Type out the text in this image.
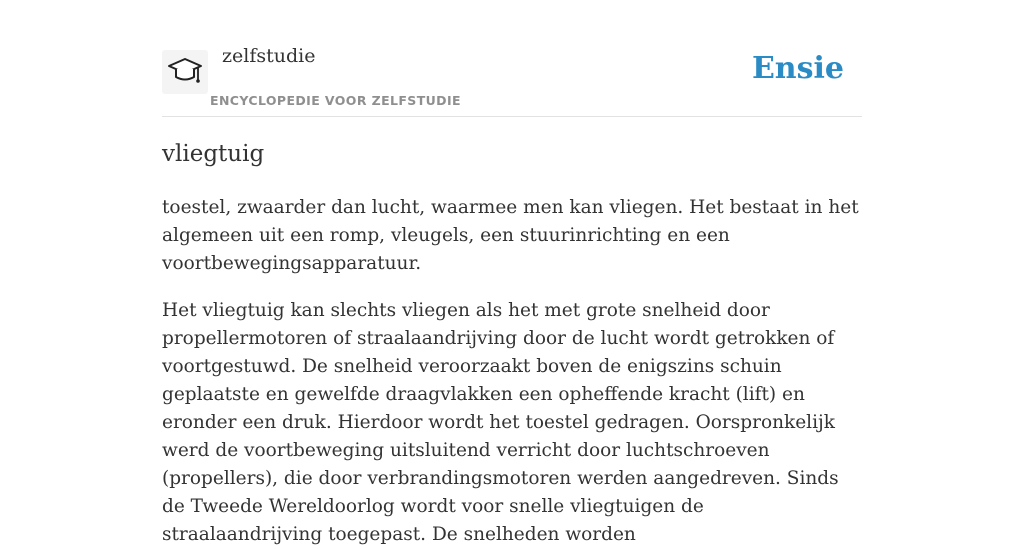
zelfstudie
ENCYCLOPEDIE VOOR ZELFSTUDIE
Ensie
vliegtuig

toestel, zwaarder dan lucht, waarmee men kan vliegen. Het bestaat in het algemeen uit een romp, vleugels, een stuurinrichting en een voortbewegingsapparatuur.

Het vliegtuig kan slechts vliegen als het met grote snelheid door propellermotoren of straalaandrijving door de lucht wordt getrokken of voortgestuwd. De snelheid veroorzaakt boven de enigszins schuin geplaatste en gewelfde draagvlakken een opheffende kracht (lift) en eronder een druk. Hierdoor wordt het toestel gedragen. Oorspronkelijk werd de voortbeweging uitsluitend verricht door luchtschroeven (propellers), die door verbrandingsmotoren werden aangedreven. Sinds de Tweede Wereldoorlog wordt voor snelle vliegtuigen de straalaandrijving toegepast. De snelheden worden
